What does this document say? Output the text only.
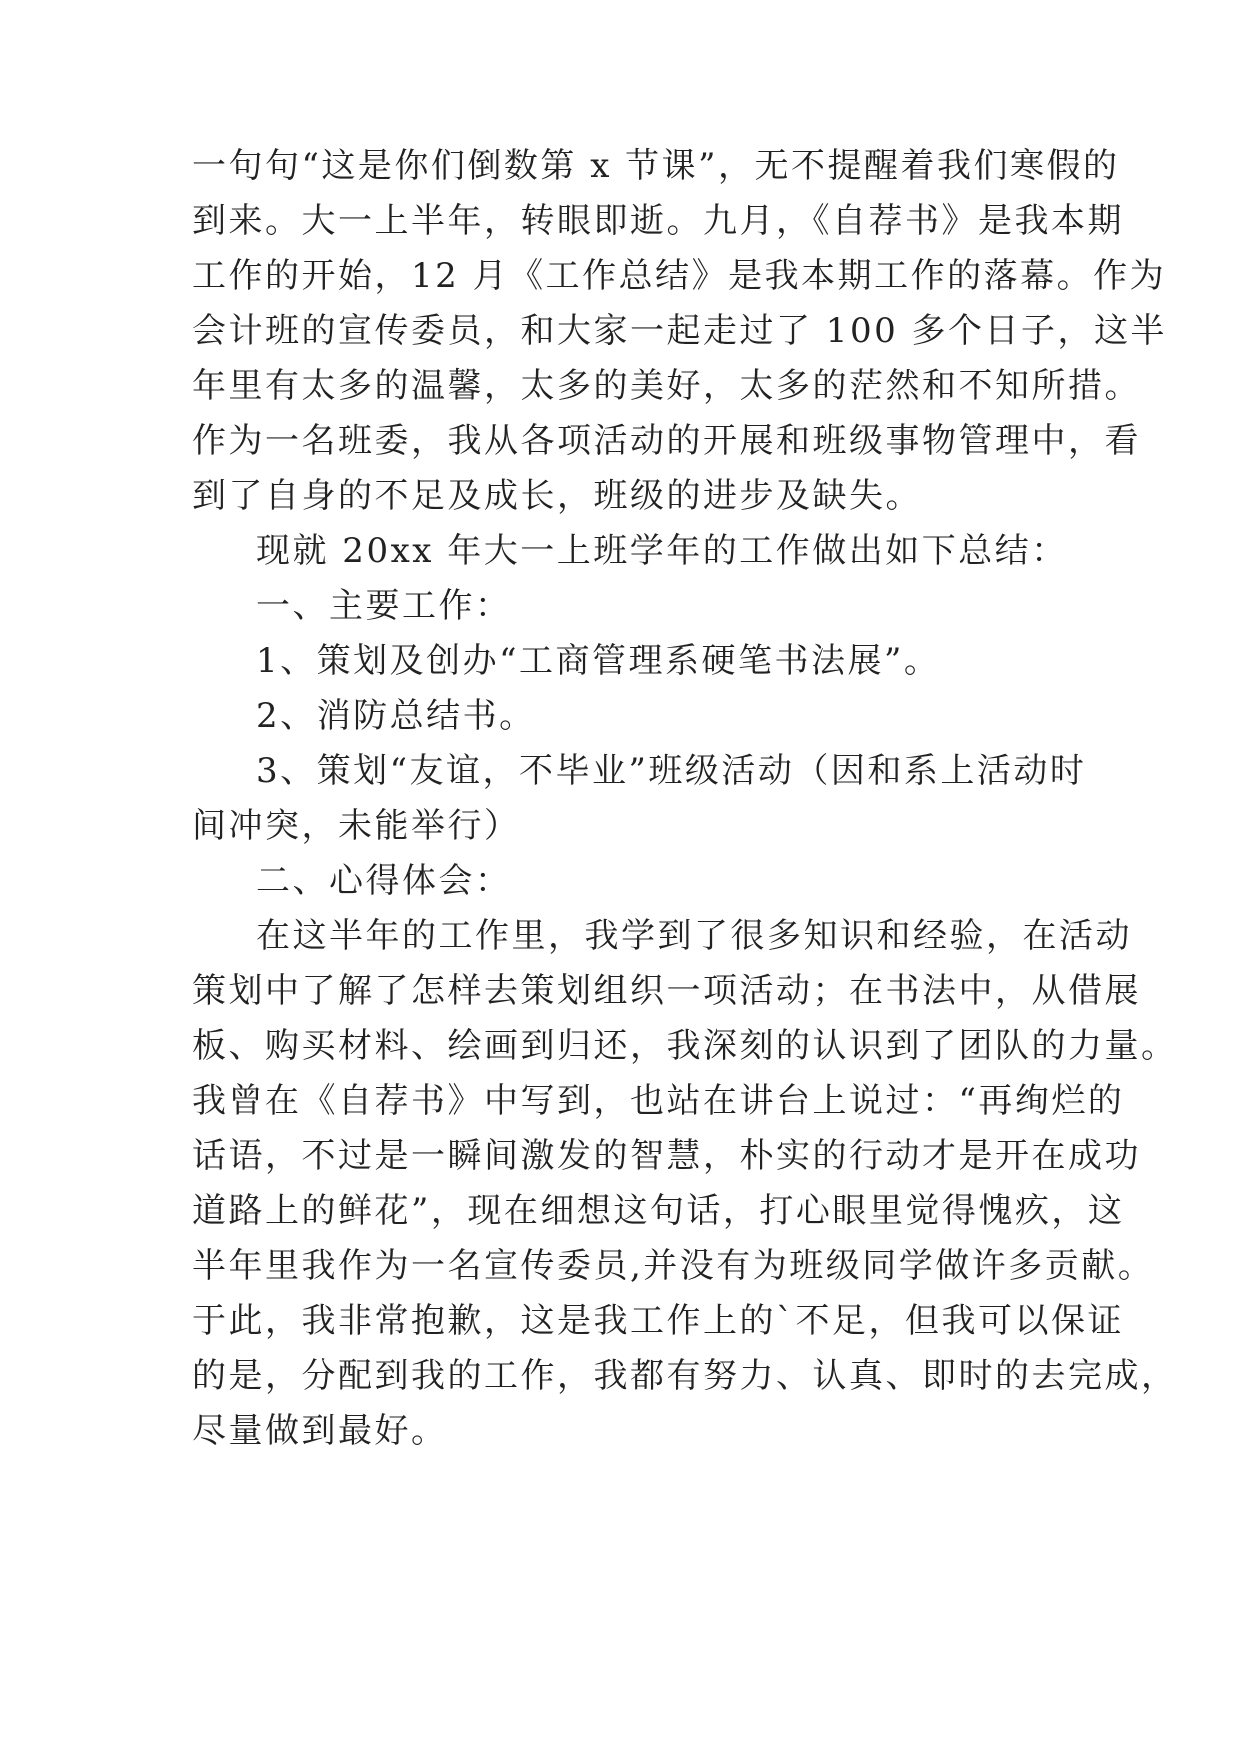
一句句“这是你们倒数第 x 节课”，无不提醒着我们寒假的
到来。大一上半年，转眼即逝。九月，《自荐书》是我本期
工作的开始，12 月《工作总结》是我本期工作的落幕。作为
会计班的宣传委员，和大家一起走过了 100 多个日子，这半
年里有太多的温馨，太多的美好，太多的茫然和不知所措。
作为一名班委，我从各项活动的开展和班级事物管理中，看
到了自身的不足及成长，班级的进步及缺失。
现就 20xx 年大一上班学年的工作做出如下总结：
一、主要工作：
1、策划及创办“工商管理系硬笔书法展”。
2、消防总结书。
3、策划“友谊，不毕业”班级活动（因和系上活动时
间冲突，未能举行）
二、心得体会：
在这半年的工作里，我学到了很多知识和经验，在活动
策划中了解了怎样去策划组织一项活动；在书法中，从借展
板、购买材料、绘画到归还，我深刻的认识到了团队的力量。
我曾在《自荐书》中写到，也站在讲台上说过：“再绚烂的
话语，不过是一瞬间激发的智慧，朴实的行动才是开在成功
道路上的鲜花”，现在细想这句话，打心眼里觉得愧疚，这
半年里我作为一名宣传委员,并没有为班级同学做许多贡献。
于此，我非常抱歉，这是我工作上的`不足，但我可以保证
的是，分配到我的工作，我都有努力、认真、即时的去完成，
尽量做到最好。
